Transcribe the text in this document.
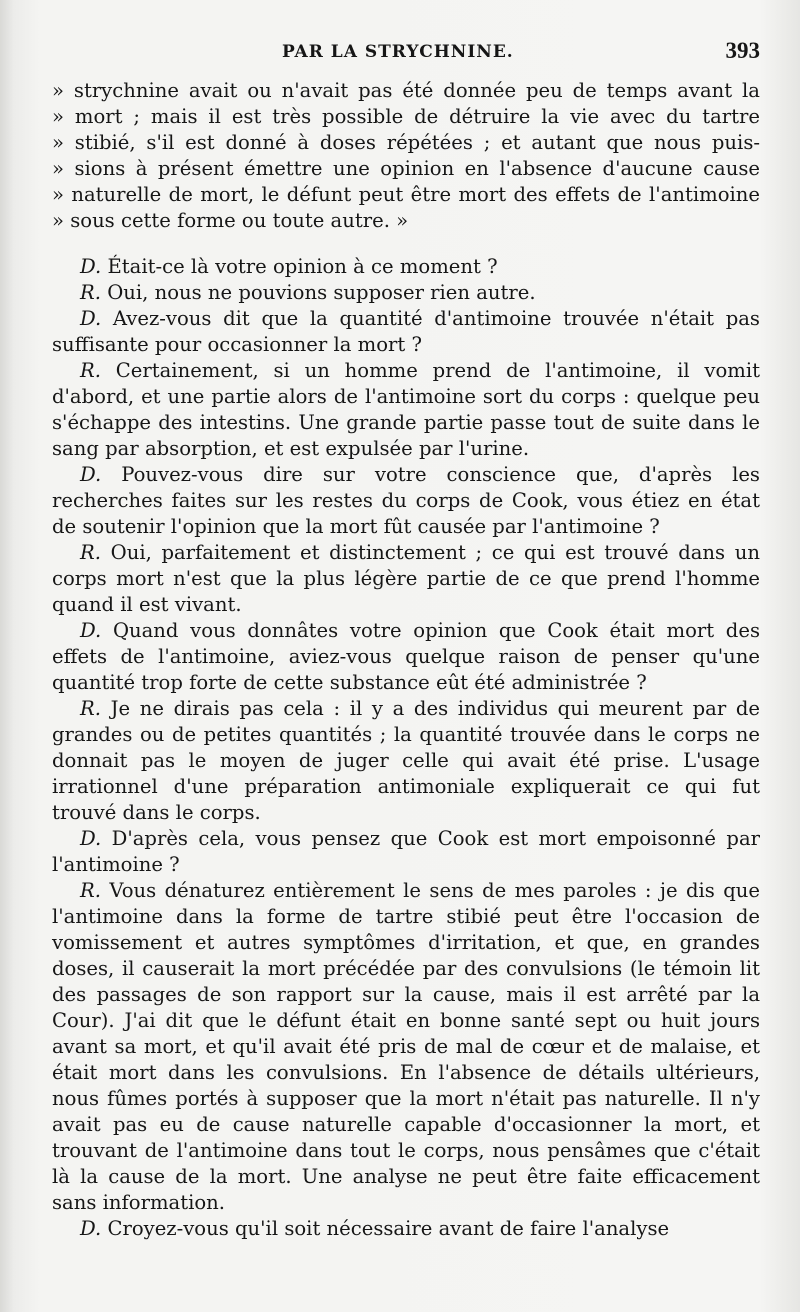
PAR LA STRYCHNINE.	393

» strychnine avait ou n'avait pas été donnée peu de temps avant la

» mort ; mais il est très possible de détruire la vie avec du tartre

» stibié, s'il est donné à doses répétées ; et autant que nous puis-

» sions à présent émettre une opinion en l'absence d'aucune cause

» naturelle de mort, le défunt peut être mort des effets de l'antimoine

» sous cette forme ou toute autre. »

D. Était-ce là votre opinion à ce moment ?

R. Oui, nous ne pouvions supposer rien autre.

D. Avez-vous dit que la quantité d'antimoine trouvée n'était pas suffisante pour occasionner la mort ?

R. Certainement, si un homme prend de l'antimoine, il vomit d'abord, et une partie alors de l'antimoine sort du corps : quelque peu s'échappe des intestins. Une grande partie passe tout de suite dans le sang par absorption, et est expulsée par l'urine.

D. Pouvez-vous dire sur votre conscience que, d'après les recherches faites sur les restes du corps de Cook, vous étiez en état de soutenir l'opinion que la mort fût causée par l'antimoine ?

R. Oui, parfaitement et distinctement ; ce qui est trouvé dans un corps mort n'est que la plus légère partie de ce que prend l'homme quand il est vivant.

D. Quand vous donnâtes votre opinion que Cook était mort des effets de l'antimoine, aviez-vous quelque raison de penser qu'une quantité trop forte de cette substance eût été administrée ?

R. Je ne dirais pas cela : il y a des individus qui meurent par de grandes ou de petites quantités ; la quantité trouvée dans le corps ne donnait pas le moyen de juger celle qui avait été prise. L'usage irrationnel d'une préparation antimoniale expliquerait ce qui fut trouvé dans le corps.

D. D'après cela, vous pensez que Cook est mort empoisonné par l'antimoine ?

R. Vous dénaturez entièrement le sens de mes paroles : je dis que l'antimoine dans la forme de tartre stibié peut être l'occasion de vomissement et autres symptômes d'irritation, et que, en grandes doses, il causerait la mort précédée par des convulsions (le témoin lit des passages de son rapport sur la cause, mais il est arrêté par la Cour). J'ai dit que le défunt était en bonne santé sept ou huit jours avant sa mort, et qu'il avait été pris de mal de cœur et de malaise, et était mort dans les convulsions. En l'absence de détails ultérieurs, nous fûmes portés à supposer que la mort n'était pas naturelle. Il n'y avait pas eu de cause naturelle capable d'occasionner la mort, et trouvant de l'antimoine dans tout le corps, nous pensâmes que c'était là la cause de la mort. Une analyse ne peut être faite efficacement sans information.

D. Croyez-vous qu'il soit nécessaire avant de faire l'analyse
